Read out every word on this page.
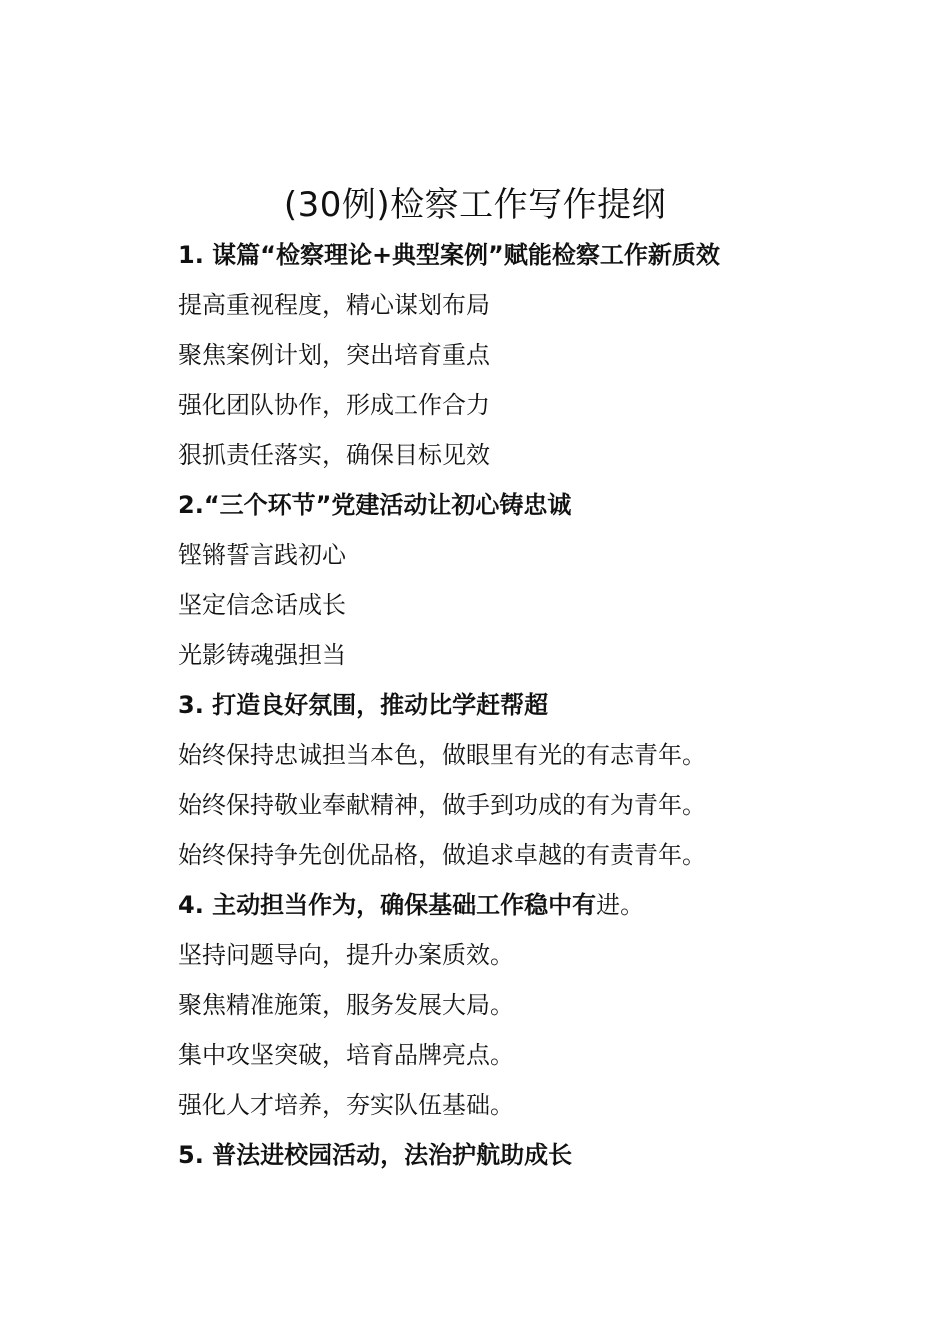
(30例)检察工作写作提纲
1. 谋篇“检察理论+典型案例”赋能检察工作新质效
提高重视程度，精心谋划布局
聚焦案例计划，突出培育重点
强化团队协作，形成工作合力
狠抓责任落实，确保目标见效
2.“三个环节”党建活动让初心铸忠诚
铿锵誓言践初心
坚定信念话成长
光影铸魂强担当
3. 打造良好氛围，推动比学赶帮超
始终保持忠诚担当本色，做眼里有光的有志青年。
始终保持敬业奉献精神，做手到功成的有为青年。
始终保持争先创优品格，做追求卓越的有责青年。
4. 主动担当作为，确保基础工作稳中有进。
坚持问题导向，提升办案质效。
聚焦精准施策，服务发展大局。
集中攻坚突破，培育品牌亮点。
强化人才培养，夯实队伍基础。
5. 普法进校园活动，法治护航助成长
